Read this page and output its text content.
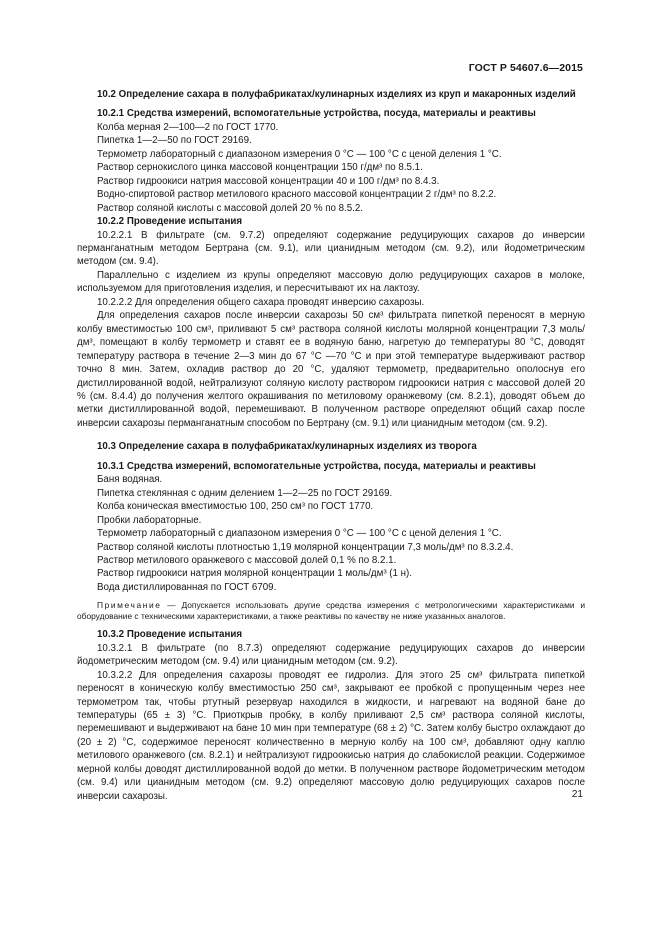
ГОСТ Р 54607.6—2015

10.2 Определение сахара в полуфабрикатах/кулинарных изделиях из круп и макаронных изделий

10.2.1 Средства измерений, вспомогательные устройства, посуда, материалы и реактивы

Колба мерная 2—100—2 по ГОСТ 1770.

Пипетка 1—2—50 по ГОСТ 29169.

Термометр лабораторный с диапазоном измерения 0 °С — 100 °С с ценой деления 1 °С.

Раствор сернокислого цинка массовой концентрации 150 г/дм³ по 8.5.1.

Раствор гидроокиси натрия массовой концентрации 40 и 100 г/дм³ по 8.4.3.

Водно-спиртовой раствор метилового красного массовой концентрации 2 г/дм³ по 8.2.2.

Раствор соляной кислоты с массовой долей 20 % по 8.5.2.

10.2.2 Проведение испытания

10.2.2.1 В фильтрате (см. 9.7.2) определяют содержание редуцирующих сахаров до инверсии перманганатным методом Бертрана (см. 9.1), или цианидным методом (см. 9.2), или йодометрическим методом (см. 9.4).

Параллельно с изделием из крупы определяют массовую долю редуцирующих сахаров в молоке, используемом для приготовления изделия, и пересчитывают их на лактозу.

10.2.2.2 Для определения общего сахара проводят инверсию сахарозы.

Для определения сахаров после инверсии сахарозы 50 см³ фильтрата пипеткой переносят в мерную колбу вместимостью 100 см³, приливают 5 см³ раствора соляной кислоты молярной концентрации 7,3 моль/дм³, помещают в колбу термометр и ставят ее в водяную баню, нагретую до температуры 80 °С, доводят температуру раствора в течение 2—3 мин до 67 °С —70 °С и при этой температуре выдерживают раствор точно 8 мин. Затем, охладив раствор до 20 °С, удаляют термометр, предварительно ополоснув его дистиллированной водой, нейтрализуют соляную кислоту раствором гидроокиси натрия с массовой долей 20 % (см. 8.4.4) до получения желтого окрашивания по метиловому оранжевому (см. 8.2.1), доводят объем до метки дистиллированной водой, перемешивают. В полученном растворе определяют общий сахар после инверсии сахарозы перманганатным способом по Бертрану (см. 9.1) или цианидным методом (см. 9.2).

10.3 Определение сахара в полуфабрикатах/кулинарных изделиях из творога

10.3.1 Средства измерений, вспомогательные устройства, посуда, материалы и реактивы

Баня водяная.

Пипетка стеклянная с одним делением 1—2—25 по ГОСТ 29169.

Колба коническая вместимостью 100, 250 см³ по ГОСТ 1770.

Пробки лабораторные.

Термометр лабораторный с диапазоном измерения 0 °С — 100 °С с ценой деления 1 °С.

Раствор соляной кислоты плотностью 1,19 молярной концентрации 7,3 моль/дм³ по 8.3.2.4.

Раствор метилового оранжевого с массовой долей 0,1 % по 8.2.1.

Раствор гидроокиси натрия молярной концентрации 1 моль/дм³ (1 н).

Вода дистиллированная по ГОСТ 6709.

Примечание — Допускается использовать другие средства измерения с метрологическими характеристиками и оборудование с техническими характеристиками, а также реактивы по качеству не ниже указанных аналогов.

10.3.2 Проведение испытания

10.3.2.1 В фильтрате (по 8.7.3) определяют содержание редуцирующих сахаров до инверсии йодометрическим методом (см. 9.4) или цианидным методом (см. 9.2).

10.3.2.2 Для определения сахарозы проводят ее гидролиз. Для этого 25 см³ фильтрата пипеткой переносят в коническую колбу вместимостью 250 см³, закрывают ее пробкой с пропущенным через нее термометром так, чтобы ртутный резервуар находился в жидкости, и нагревают на водяной бане до температуры (65 ± 3) °С. Приоткрыв пробку, в колбу приливают 2,5 см³ раствора соляной кислоты, перемешивают и выдерживают на бане 10 мин при температуре (68 ± 2) °С. Затем колбу быстро охлаждают до (20 ± 2) °С, содержимое переносят количественно в мерную колбу на 100 см³, добавляют одну каплю метилового оранжевого (см. 8.2.1) и нейтрализуют гидроокисью натрия до слабокислой реакции. Содержимое мерной колбы доводят дистиллированной водой до метки. В полученном растворе йодометрическим методом (см. 9.4) или цианидным методом (см. 9.2) определяют массовую долю редуцирующих сахаров после инверсии сахарозы.	21
